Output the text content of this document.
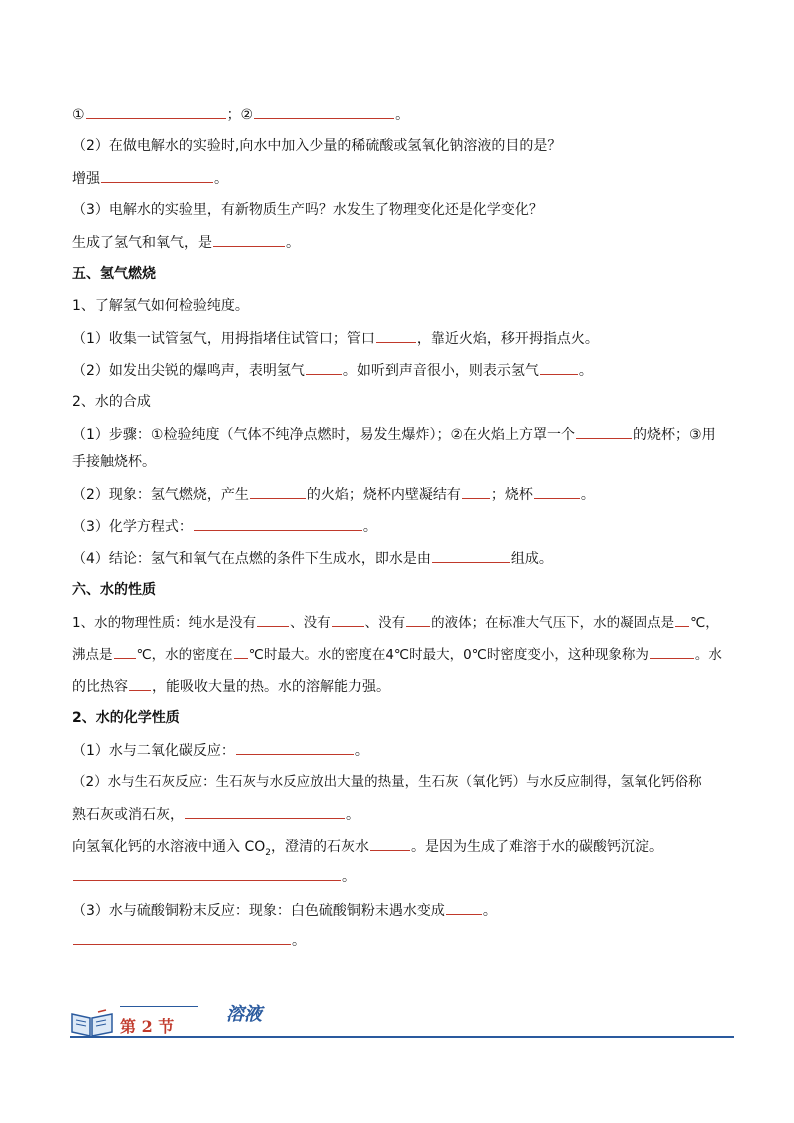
①	；②	。
（2）在做电解水的实验时,向水中加入少量的稀硫酸或氢氧化钠溶液的目的是？
增强	。
（3）电解水的实验里，有新物质生产吗？水发生了物理变化还是化学变化？
生成了氢气和氧气，是	。
五、氢气燃烧
1、了解氢气如何检验纯度。
（1）收集一试管氢气，用拇指堵住试管口；管口	，靠近火焰，移开拇指点火。
（2）如发出尖锐的爆鸣声，表明氢气	。如听到声音很小，则表示氢气	。
2、水的合成
（1）步骤：①检验纯度（气体不纯净点燃时，易发生爆炸）；②在火焰上方罩一个	的烧杯；③用
手接触烧杯。
（2）现象：氢气燃烧，产生	的火焰；烧杯内壁凝结有 ；烧杯	。
（3）化学方程式：	。
（4）结论：氢气和氧气在点燃的条件下生成水，即水是由	组成。
六、水的性质
1、水的物理性质：纯水是没有	、没有	、没有 的液体；在标准大气压下，水的凝固点是 ℃，
沸点是 ℃，水的密度在 ℃时最大。水的密度在4℃时最大，0℃时密度变小，这种现象称为	。水
的比热容 ，能吸收大量的热。水的溶解能力强。
2、水的化学性质
（1）水与二氧化碳反应：	。
（2）水与生石灰反应：生石灰与水反应放出大量的热量，生石灰（氧化钙）与水反应制得，氢氧化钙俗称
熟石灰或消石灰，	。
向氢氧化钙的水溶液中通入 $CO_2$，澄清的石灰水	。是因为生成了难溶于水的碳酸钙沉淀。
。
（3）水与硫酸铜粉末反应：现象：白色硫酸铜粉末遇水变成	。
。
第 2 节
溶液
